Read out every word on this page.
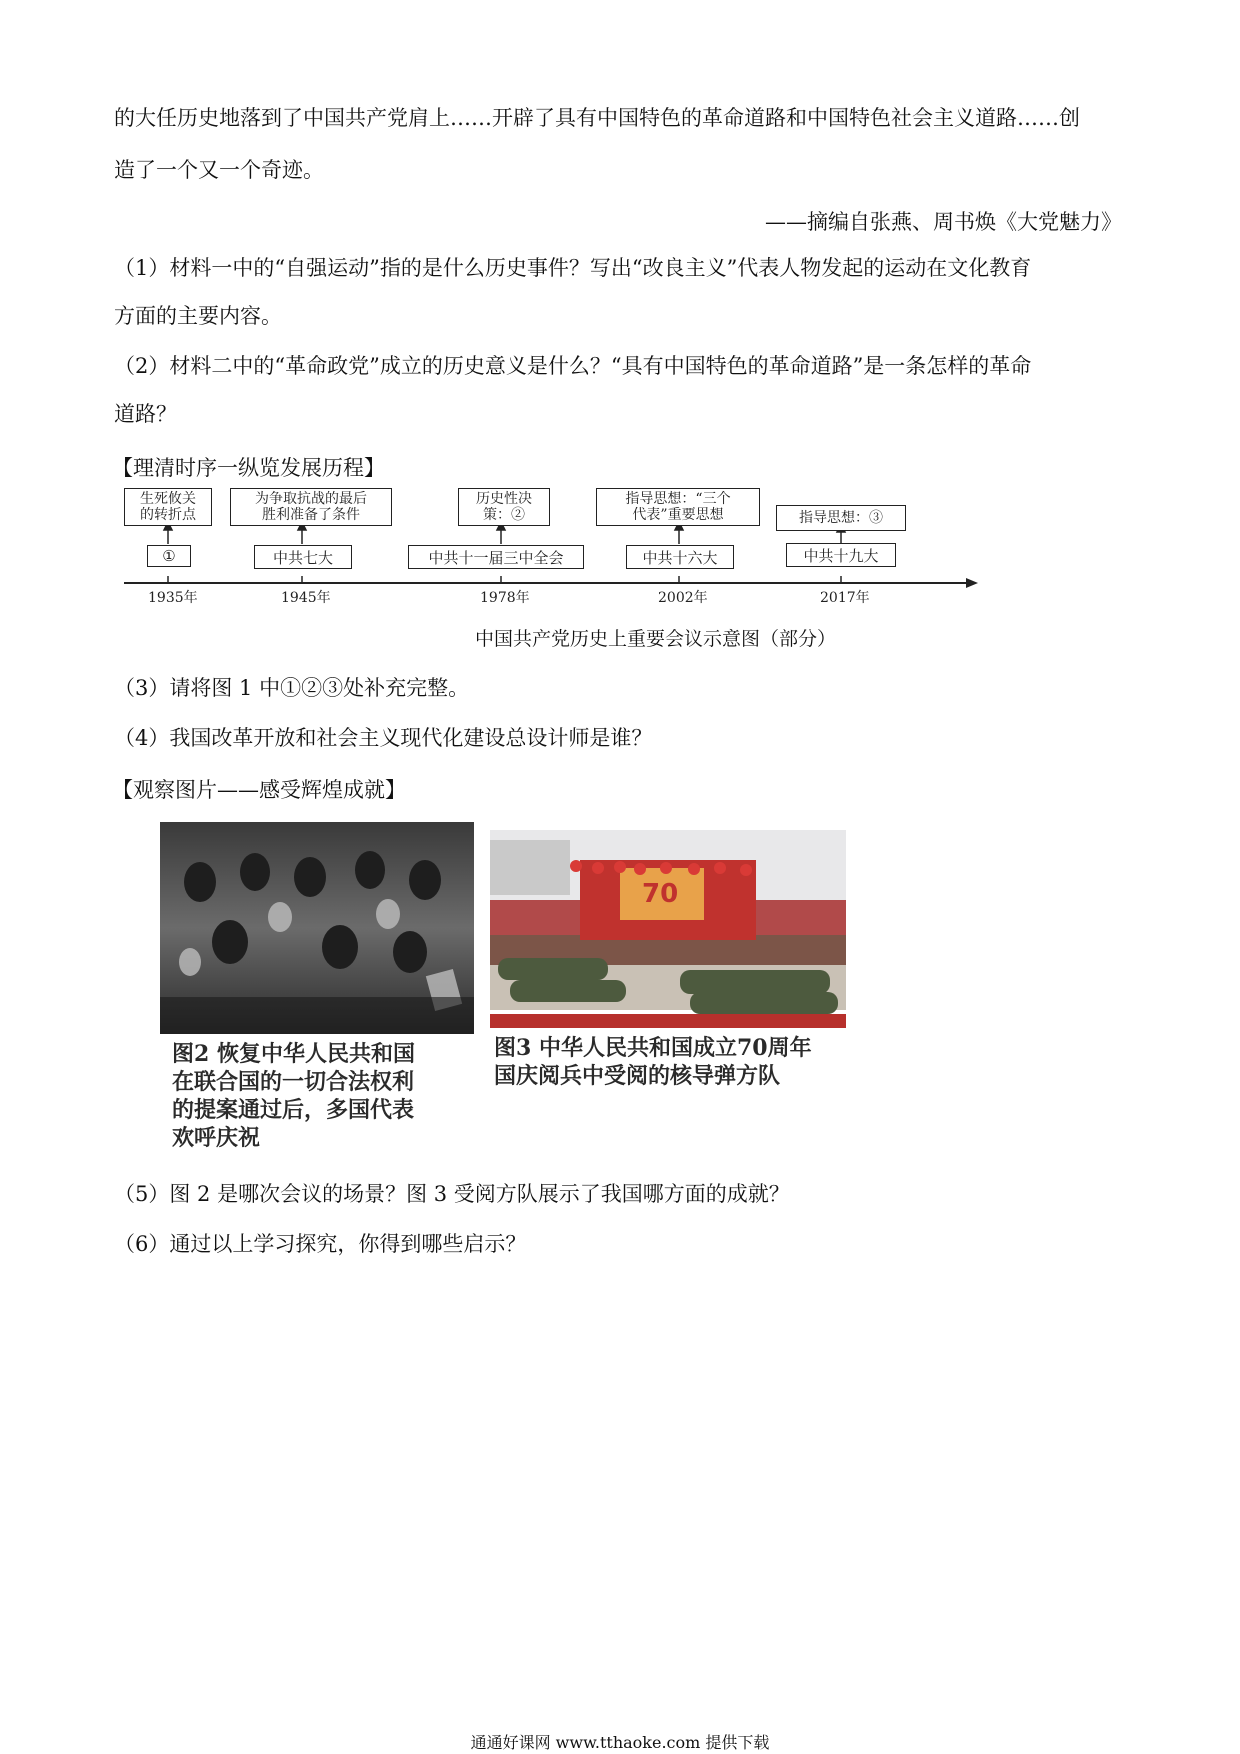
的大任历史地落到了中国共产党肩上……开辟了具有中国特色的革命道路和中国特色社会主义道路……创
造了一个又一个奇迹。
——摘编自张燕、周书焕《大党魅力》
（1）材料一中的“自强运动”指的是什么历史事件？写出“改良主义”代表人物发起的运动在文化教育
方面的主要内容。
（2）材料二中的“革命政党”成立的历史意义是什么？“具有中国特色的革命道路”是一条怎样的革命
道路？
【理清时序一纵览发展历程】
生死攸关
的转折点
为争取抗战的最后
胜利准备了条件
历史性决
策：②
指导思想：“三个
代表”重要思想	指导思想：③
①	中共七大	中共十一届三中全会	中共十六大	中共十九大
1935年	1945年	1978年	2002年	2017年
中国共产党历史上重要会议示意图（部分）
（3）请将图 1 中①②③处补充完整。
（4）我国改革开放和社会主义现代化建设总设计师是谁？
【观察图片——感受辉煌成就】
70
图2 恢复中华人民共和国
在联合国的一切合法权利
的提案通过后，多国代表
欢呼庆祝
图3 中华人民共和国成立70周年
国庆阅兵中受阅的核导弹方队
（5）图 2 是哪次会议的场景？图 3 受阅方队展示了我国哪方面的成就？
（6）通过以上学习探究，你得到哪些启示？
通通好课网 www.tthaoke.com 提供下载
